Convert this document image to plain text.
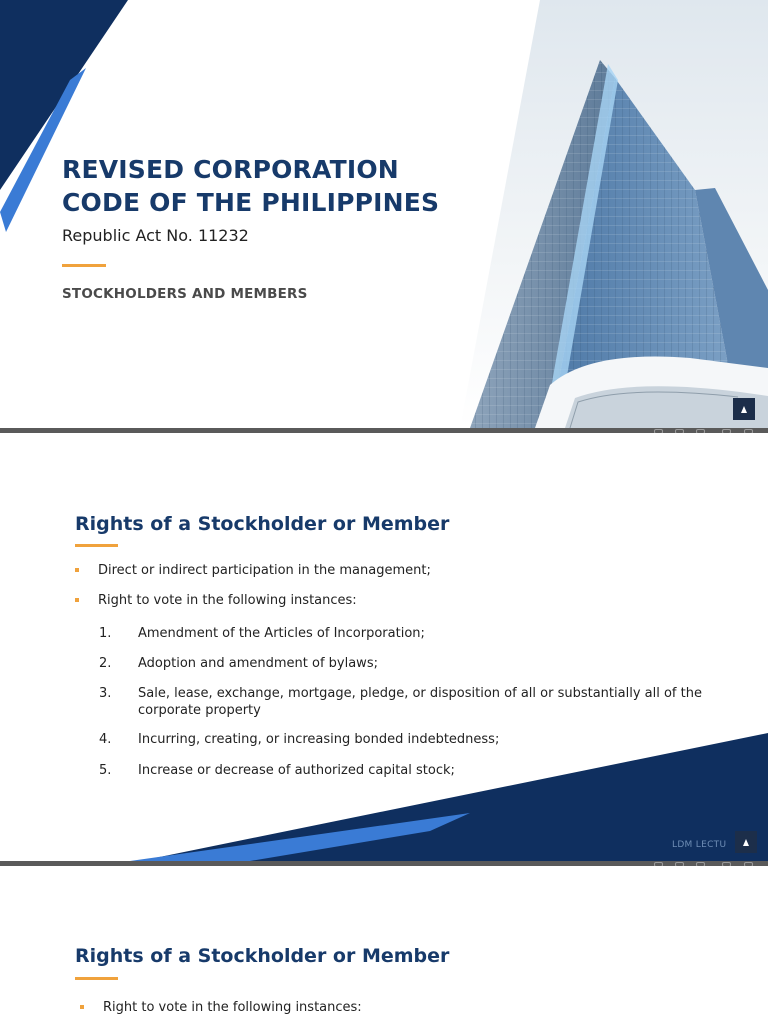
REVISED CORPORATION
CODE OF THE PHILIPPINES

Republic Act No. 11232

STOCKHOLDERS AND MEMBERS

Rights of a Stockholder or Member
Direct or indirect participation in the management;
Right to vote in the following instances:
1.	Amendment of the Articles of Incorporation;
2.	Adoption and amendment of bylaws;
3.	Sale, lease, exchange, mortgage, pledge, or disposition of all or substantially all of the corporate property
4.	Incurring, creating, or increasing bonded indebtedness;
5.	Increase or decrease of authorized capital stock;
LDM LECTU
Rights of a Stockholder or Member
Right to vote in the following instances:
